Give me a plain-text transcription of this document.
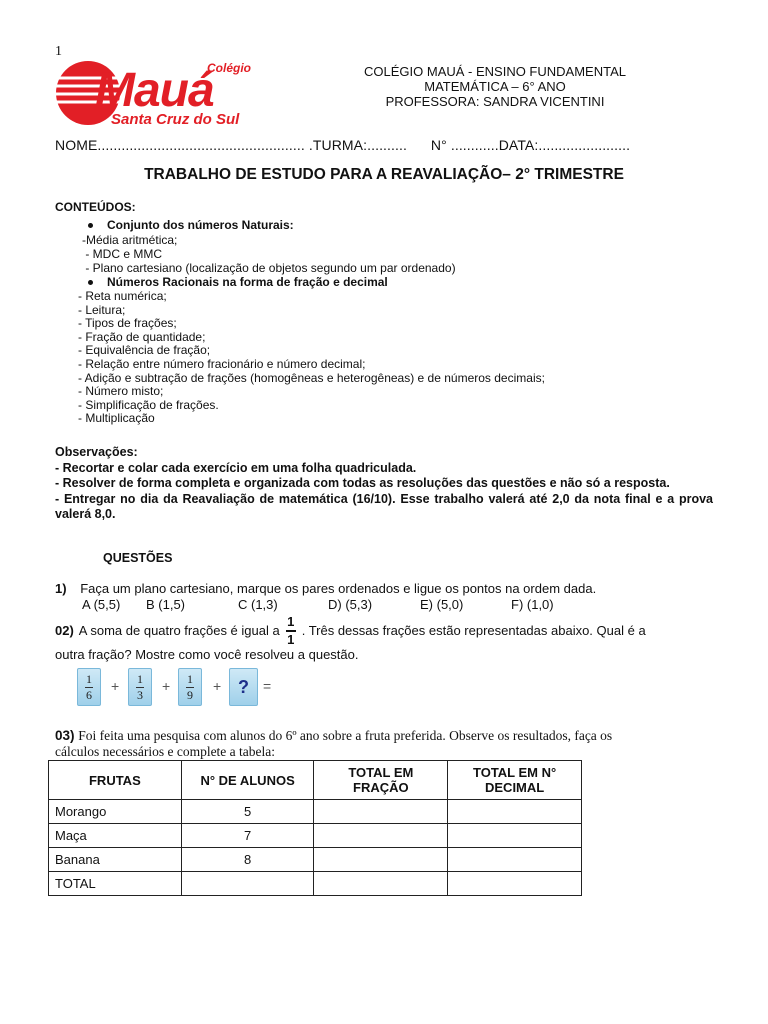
1
Colégio
Mauá
Santa Cruz do Sul
COLÉGIO MAUÁ - ENSINO FUNDAMENTAL
MATEMÁTICA – 6° ANO
PROFESSORA: SANDRA VICENTINI
NOME.................................................... .TURMA:..........      N° ............DATA:.......................
TRABALHO DE ESTUDO PARA A REAVALIAÇÃO– 2° TRIMESTRE
CONTEÚDOS:
Conjunto dos números Naturais:
-Média aritmética;
- MDC e MMC
- Plano cartesiano (localização de objetos segundo um par ordenado)
Números Racionais na forma de fração e decimal
- Reta numérica;
- Leitura;
- Tipos de frações;
- Fração de quantidade;
- Equivalência de fração;
- Relação entre número fracionário e número decimal;
- Adição e subtração de frações (homogêneas e heterogêneas) e de números decimais;
- Número misto;
- Simplificação de frações.
- Multiplicação
Observações:
- Recortar e colar cada exercício em uma folha quadriculada.
- Resolver de forma completa e organizada com todas as resoluções das questões e não só a resposta.
- Entregar no dia da Reavaliação de matemática (16/10). Esse trabalho valerá até 2,0 da nota final e a prova valerá 8,0.
QUESTÕES
1) Faça um plano cartesiano, marque os pares ordenados e ligue os pontos na ordem dada.
A (5,5) B (1,5)	C (1,3)	D) (5,3)	E) (5,0)	F) (1,0)
02) A soma de quatro frações é igual a $\frac{1}{1}$ . Três dessas frações estão representadas abaixo. Qual é a
outra fração? Mostre como você resolveu a questão.
1
6
+ 1
3
+ 1
9
+ ? =
03) Foi feita uma pesquisa com alunos do 6º ano sobre a fruta preferida. Observe os resultados, faça os
cálculos necessários e complete a tabela:
FRUTAS	N° DE ALUNOS	TOTAL EM FRAÇÃO	TOTAL EM N° DECIMAL
Morango	5		
Maça	7		
Banana	8		
TOTAL			
